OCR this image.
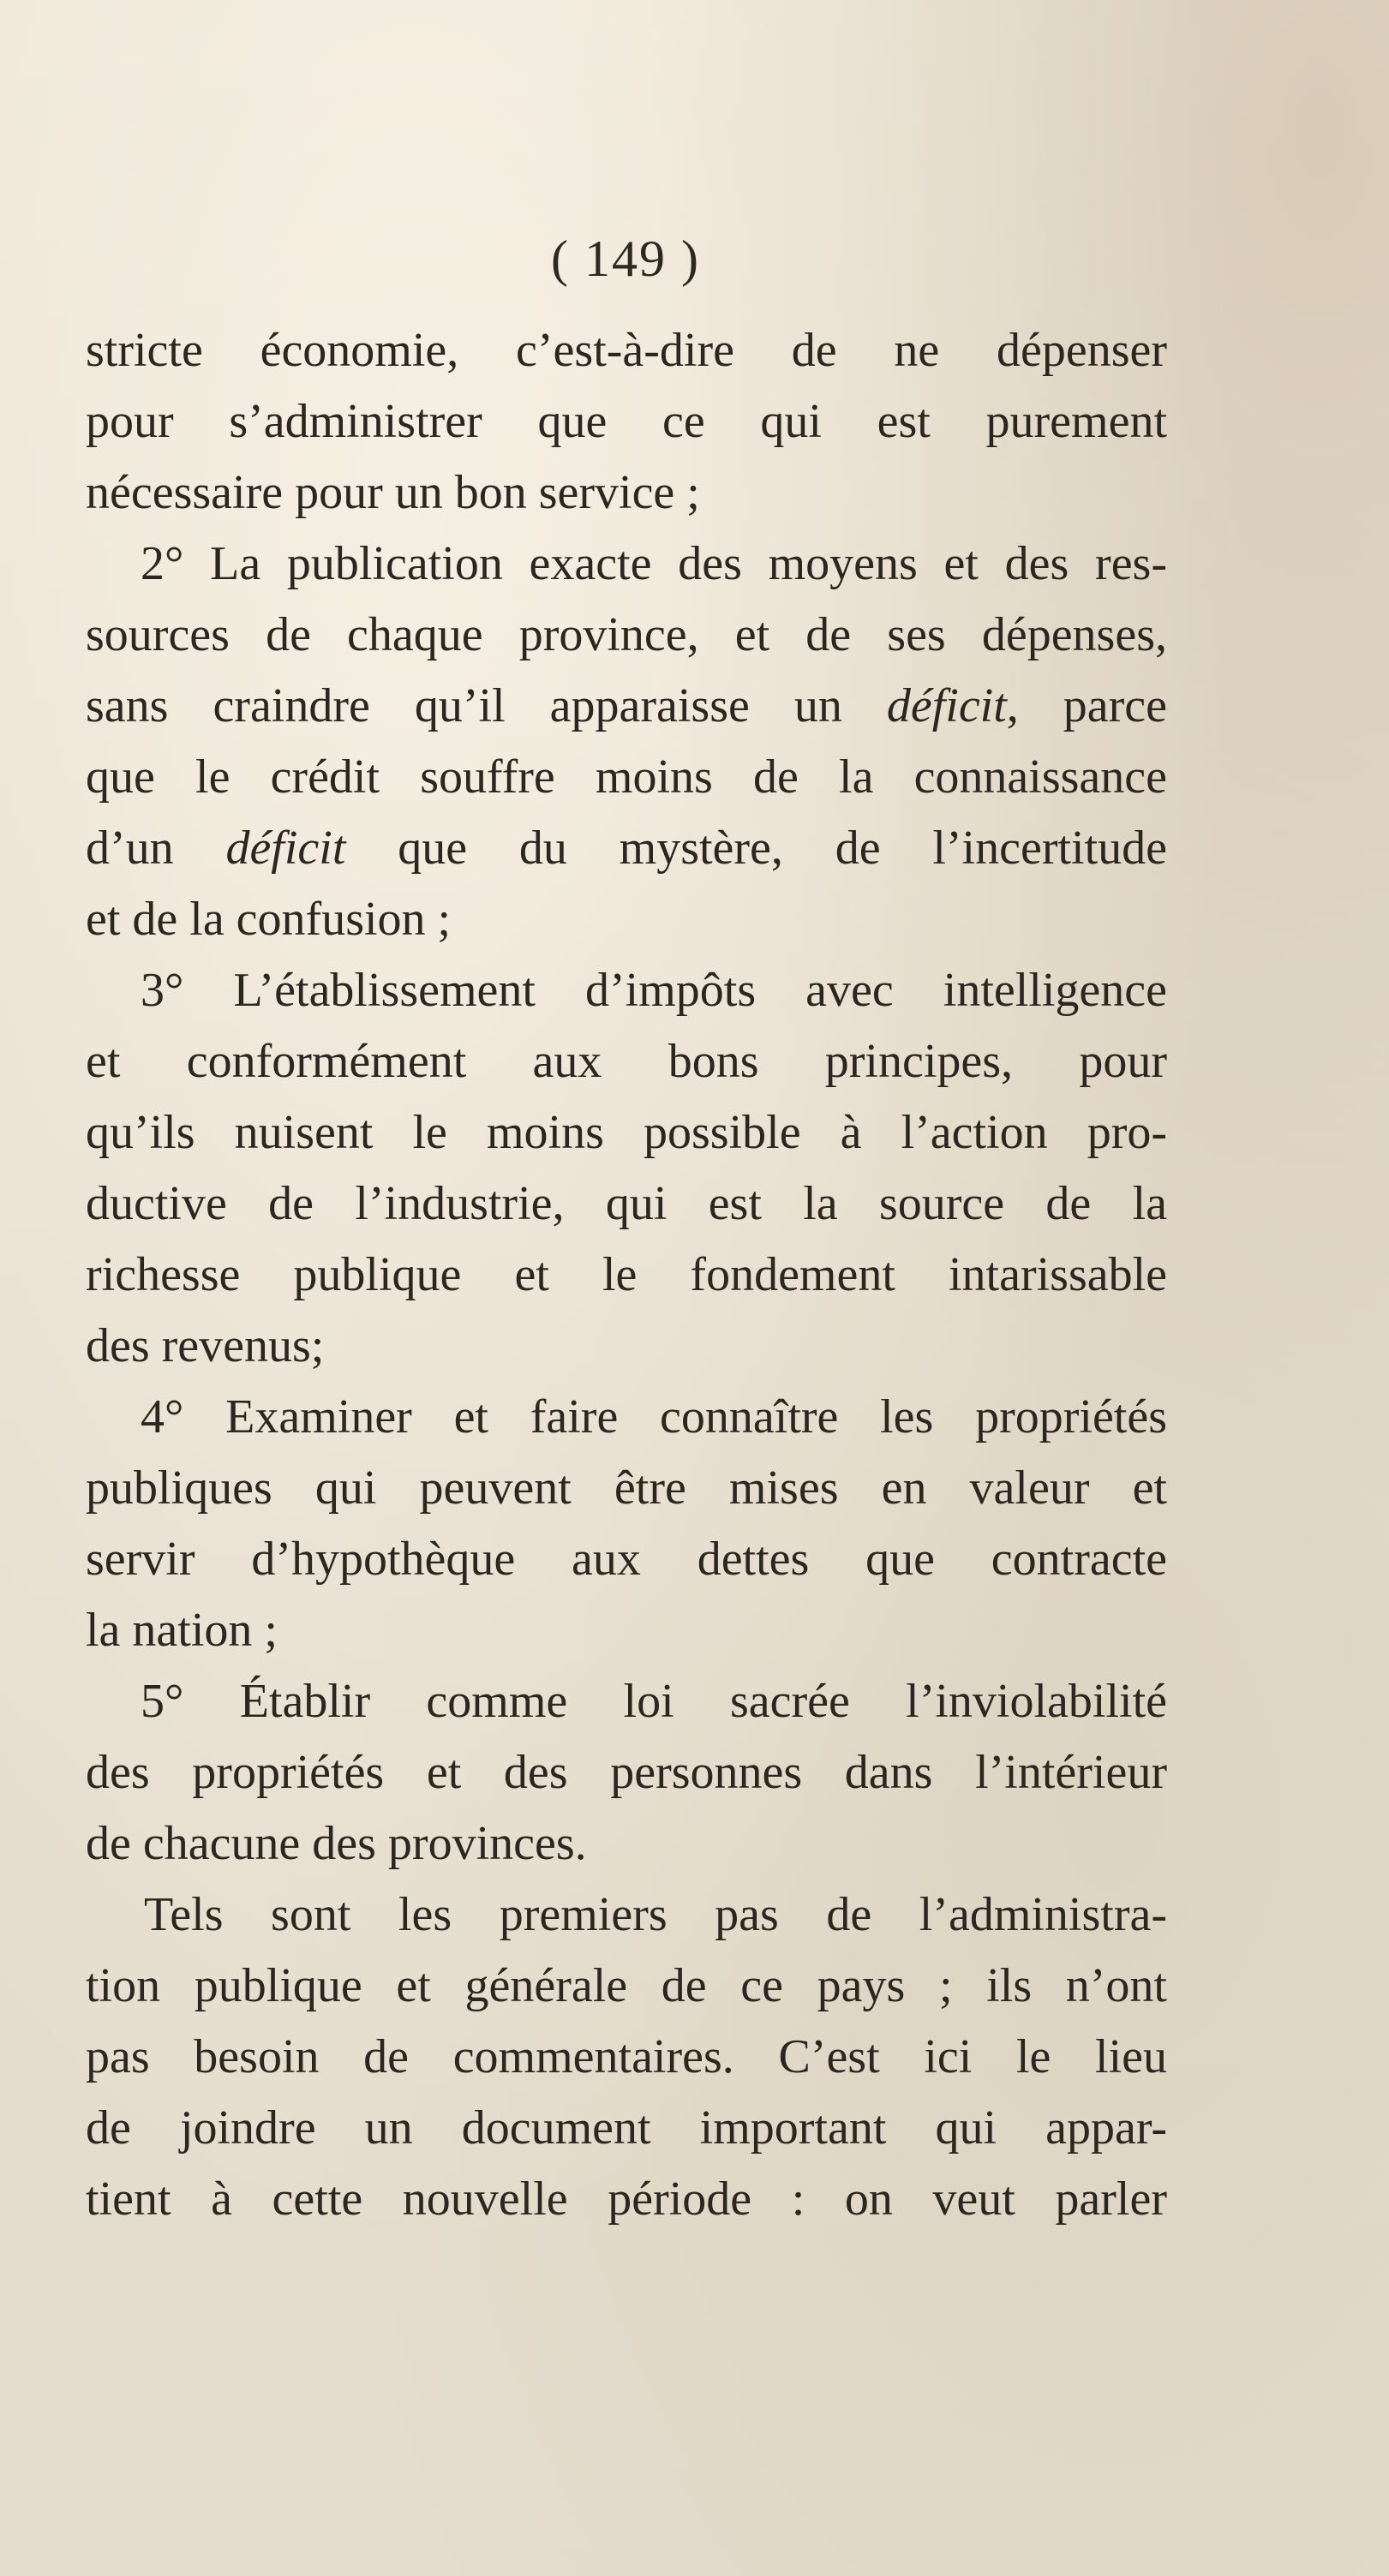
( 149 )
stricte économie, c’est-à-dire de ne dépenser
pour s’administrer que ce qui est purement
nécessaire pour un bon service ;
2° La publication exacte des moyens et des res-
sources de chaque province, et de ses dépenses,
sans craindre qu’il apparaisse un déficit, parce
que le crédit souffre moins de la connaissance
d’un déficit que du mystère, de l’incertitude
et de la confusion ;
3° L’établissement d’impôts avec intelligence
et conformément aux bons principes, pour
qu’ils nuisent le moins possible à l’action pro-
ductive de l’industrie, qui est la source de la
richesse publique et le fondement intarissable
des revenus;
4° Examiner et faire connaître les propriétés
publiques qui peuvent être mises en valeur et
servir d’hypothèque aux dettes que contracte
la nation ;
5° Établir comme loi sacrée l’inviolabilité
des propriétés et des personnes dans l’intérieur
de chacune des provinces.
Tels sont les premiers pas de l’administra-
tion publique et générale de ce pays ; ils n’ont
pas besoin de commentaires. C’est ici le lieu
de joindre un document important qui appar-
tient à cette nouvelle période : on veut parler
